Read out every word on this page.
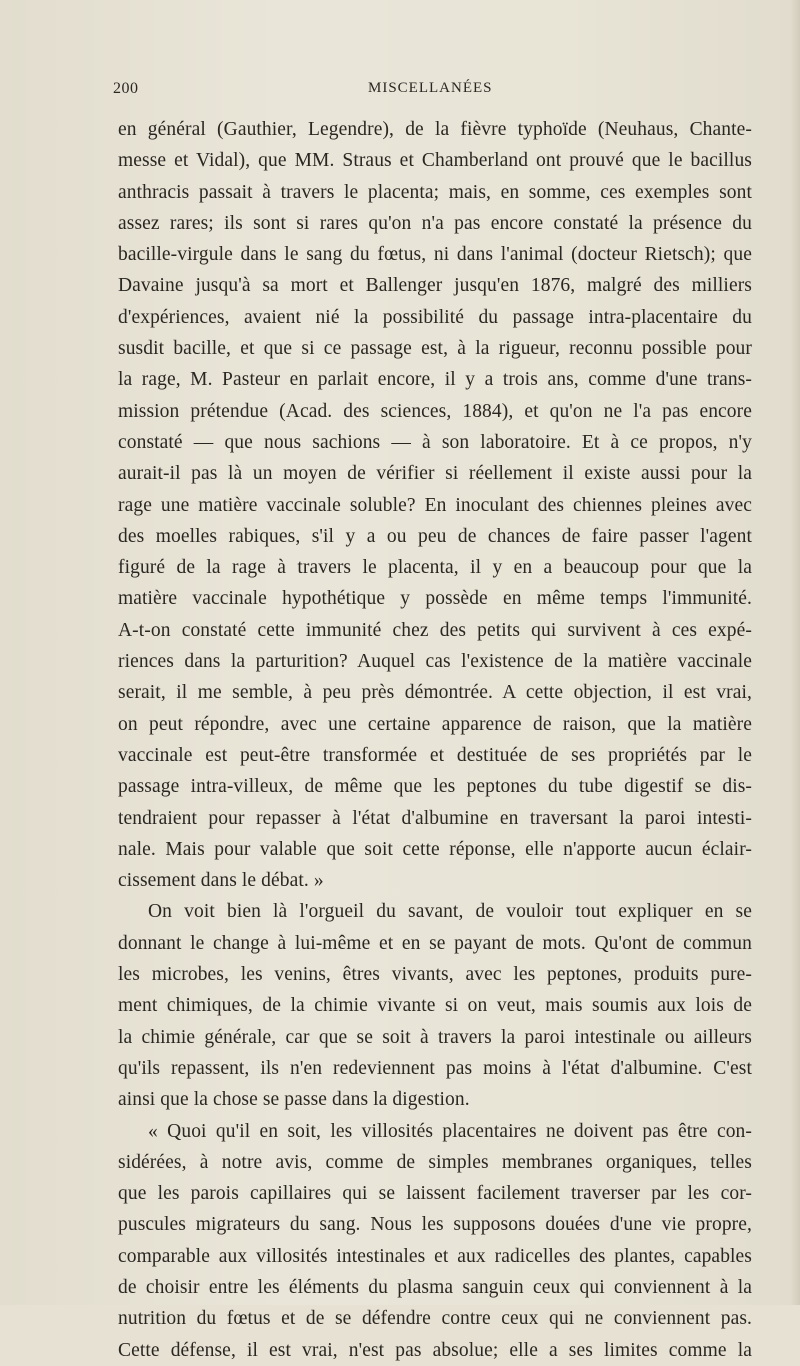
200	MISCELLANÉES
en général (Gauthier, Legendre), de la fièvre typhoïde (Neuhaus, Chante-
messe et Vidal), que MM. Straus et Chamberland ont prouvé que le bacillus
anthracis passait à travers le placenta; mais, en somme, ces exemples sont
assez rares; ils sont si rares qu'on n'a pas encore constaté la présence du
bacille-virgule dans le sang du fœtus, ni dans l'animal (docteur Rietsch); que
Davaine jusqu'à sa mort et Ballenger jusqu'en 1876, malgré des milliers
d'expériences, avaient nié la possibilité du passage intra-placentaire du
susdit bacille, et que si ce passage est, à la rigueur, reconnu possible pour
la rage, M. Pasteur en parlait encore, il y a trois ans, comme d'une trans-
mission prétendue (Acad. des sciences, 1884), et qu'on ne l'a pas encore
constaté — que nous sachions — à son laboratoire. Et à ce propos, n'y
aurait-il pas là un moyen de vérifier si réellement il existe aussi pour la
rage une matière vaccinale soluble? En inoculant des chiennes pleines avec
des moelles rabiques, s'il y a ou peu de chances de faire passer l'agent
figuré de la rage à travers le placenta, il y en a beaucoup pour que la
matière vaccinale hypothétique y possède en même temps l'immunité.
A-t-on constaté cette immunité chez des petits qui survivent à ces expé-
riences dans la parturition? Auquel cas l'existence de la matière vaccinale
serait, il me semble, à peu près démontrée. A cette objection, il est vrai,
on peut répondre, avec une certaine apparence de raison, que la matière
vaccinale est peut-être transformée et destituée de ses propriétés par le
passage intra-villeux, de même que les peptones du tube digestif se dis-
tendraient pour repasser à l'état d'albumine en traversant la paroi intesti-
nale. Mais pour valable que soit cette réponse, elle n'apporte aucun éclair-
cissement dans le débat. »
On voit bien là l'orgueil du savant, de vouloir tout expliquer en se
donnant le change à lui-même et en se payant de mots. Qu'ont de commun
les microbes, les venins, êtres vivants, avec les peptones, produits pure-
ment chimiques, de la chimie vivante si on veut, mais soumis aux lois de
la chimie générale, car que se soit à travers la paroi intestinale ou ailleurs
qu'ils repassent, ils n'en redeviennent pas moins à l'état d'albumine. C'est
ainsi que la chose se passe dans la digestion.
« Quoi qu'il en soit, les villosités placentaires ne doivent pas être con-
sidérées, à notre avis, comme de simples membranes organiques, telles
que les parois capillaires qui se laissent facilement traverser par les cor-
puscules migrateurs du sang. Nous les supposons douées d'une vie propre,
comparable aux villosités intestinales et aux radicelles des plantes, capables
de choisir entre les éléments du plasma sanguin ceux qui conviennent à la
nutrition du fœtus et de se défendre contre ceux qui ne conviennent pas.
Cette défense, il est vrai, n'est pas absolue; elle a ses limites comme la
